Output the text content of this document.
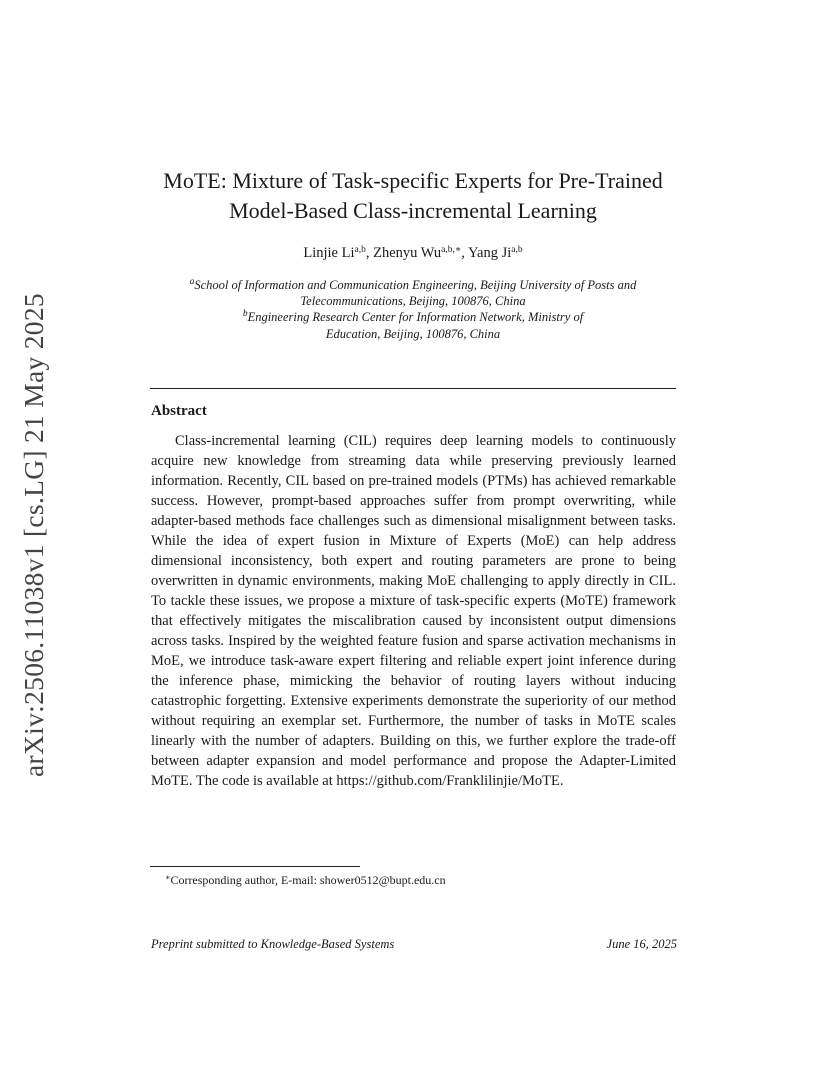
arXiv:2506.11038v1 [cs.LG] 21 May 2025
MoTE: Mixture of Task-specific Experts for Pre-Trained
Model-Based Class-incremental Learning
Linjie Li$^{a,b}$, Zhenyu $Wu^{a,b,∗}$, Yang Ji$^{a,b}$
$^a$School of Information and Communication Engineering, Beijing University of Posts and
Telecommunications, Beijing, 100876, China
$^b$Engineering Research Center for Information Network, Ministry of
Education, Beijing, 100876, China
Abstract
Class-incremental learning (CIL) requires deep learning models to continuously acquire new knowledge from streaming data while preserving previously learned information. Recently, CIL based on pre-trained models (PTMs) has achieved remarkable success. However, prompt-based approaches suffer from prompt overwriting, while adapter-based methods face challenges such as dimensional misalignment between tasks. While the idea of expert fusion in Mixture of Experts (MoE) can help address dimensional inconsistency, both expert and routing parameters are prone to being overwritten in dynamic environments, making MoE challenging to apply directly in CIL. To tackle these issues, we propose a mixture of task-specific experts (MoTE) framework that effectively mitigates the miscalibration caused by inconsistent output dimensions across tasks. Inspired by the weighted feature fusion and sparse activation mechanisms in MoE, we introduce task-aware expert filtering and reliable expert joint inference during the inference phase, mimicking the behavior of routing layers without inducing catastrophic forgetting. Extensive experiments demonstrate the superiority of our method without requiring an exemplar set. Furthermore, the number of tasks in MoTE scales linearly with the number of adapters. Building on this, we further explore the trade-off between adapter expansion and model performance and propose the Adapter-Limited MoTE. The code is available at https://github.com/Franklilinjie/MoTE.
∗Corresponding author, E-mail: shower0512@bupt.edu.cn
Preprint submitted to Knowledge-Based Systems	June 16, 2025
